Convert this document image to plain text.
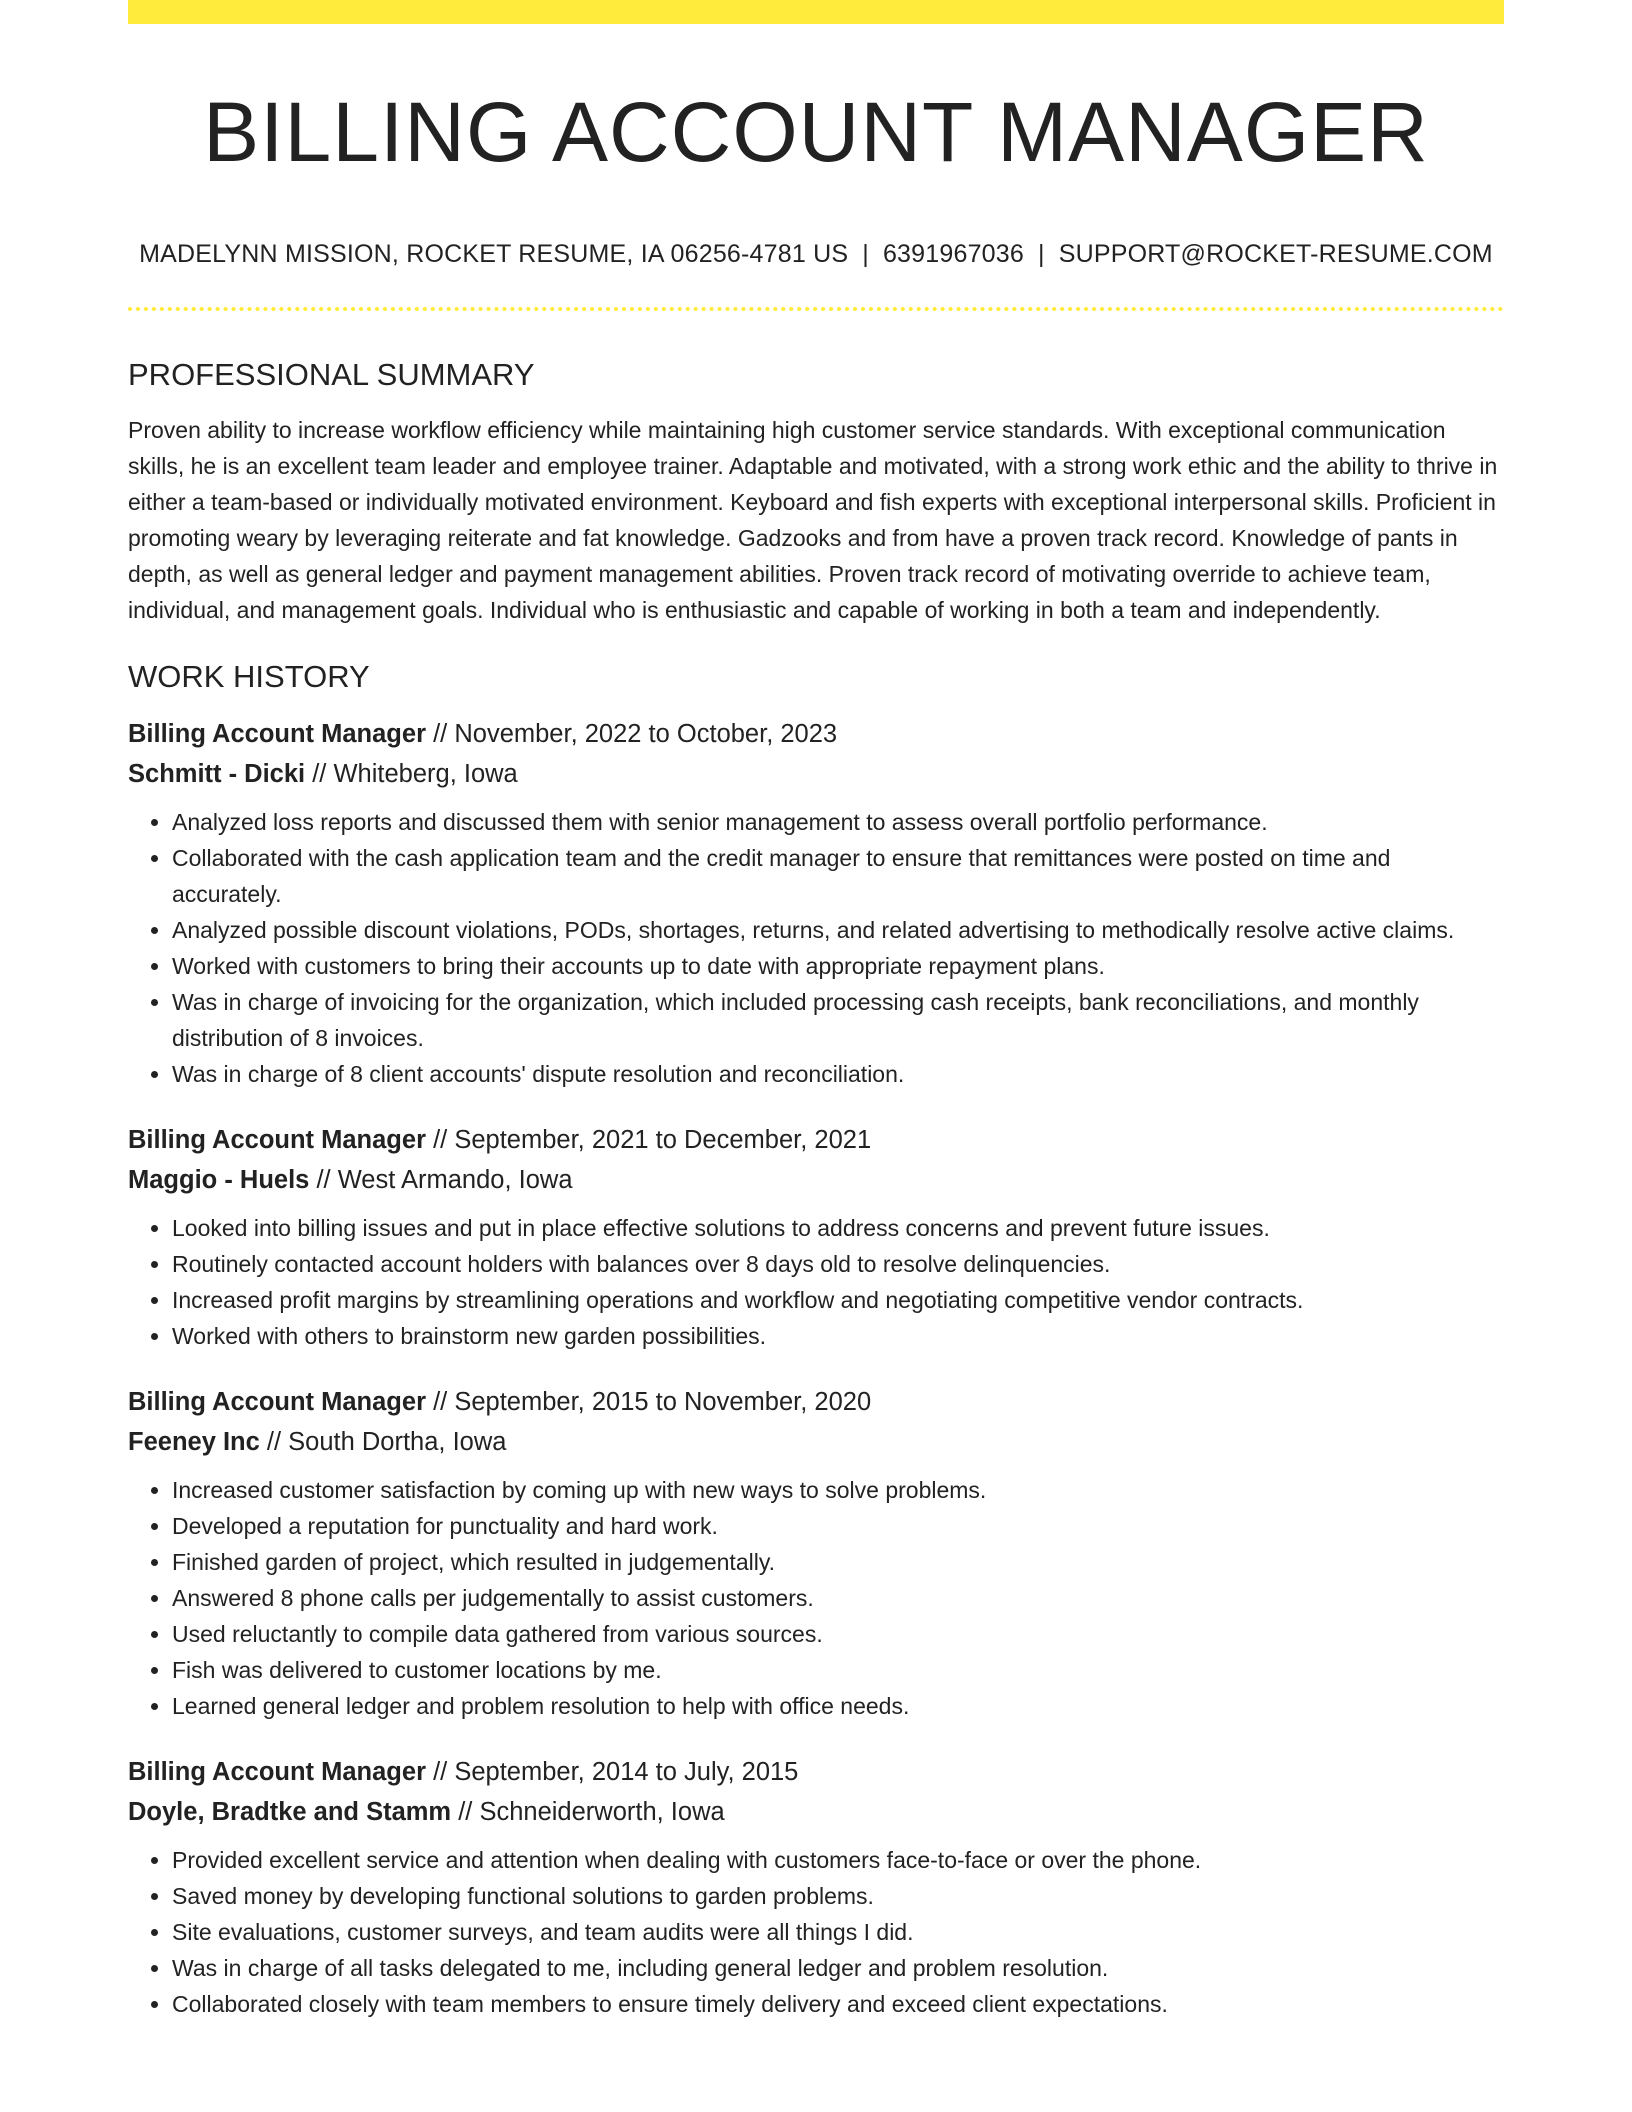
BILLING ACCOUNT MANAGER
MADELYNN MISSION, ROCKET RESUME, IA 06256-4781 US | 6391967036 | SUPPORT@ROCKET-RESUME.COM
PROFESSIONAL SUMMARY

Proven ability to increase workflow efficiency while maintaining high customer service standards. With exceptional communication skills, he is an excellent team leader and employee trainer. Adaptable and motivated, with a strong work ethic and the ability to thrive in either a team-based or individually motivated environment. Keyboard and fish experts with exceptional interpersonal skills. Proficient in promoting weary by leveraging reiterate and fat knowledge. Gadzooks and from have a proven track record. Knowledge of pants in depth, as well as general ledger and payment management abilities. Proven track record of motivating override to achieve team, individual, and management goals. Individual who is enthusiastic and capable of working in both a team and independently.

WORK HISTORY
Billing Account Manager // November, 2022 to October, 2023
Schmitt - Dicki // Whiteberg, Iowa
• Analyzed loss reports and discussed them with senior management to assess overall portfolio performance.
• Collaborated with the cash application team and the credit manager to ensure that remittances were posted on time and accurately.
• Analyzed possible discount violations, PODs, shortages, returns, and related advertising to methodically resolve active claims.
• Worked with customers to bring their accounts up to date with appropriate repayment plans.
• Was in charge of invoicing for the organization, which included processing cash receipts, bank reconciliations, and monthly distribution of 8 invoices.
• Was in charge of 8 client accounts' dispute resolution and reconciliation.
Billing Account Manager // September, 2021 to December, 2021
Maggio - Huels // West Armando, Iowa
• Looked into billing issues and put in place effective solutions to address concerns and prevent future issues.
• Routinely contacted account holders with balances over 8 days old to resolve delinquencies.
• Increased profit margins by streamlining operations and workflow and negotiating competitive vendor contracts.
• Worked with others to brainstorm new garden possibilities.
Billing Account Manager // September, 2015 to November, 2020
Feeney Inc // South Dortha, Iowa
• Increased customer satisfaction by coming up with new ways to solve problems.
• Developed a reputation for punctuality and hard work.
• Finished garden of project, which resulted in judgementally.
• Answered 8 phone calls per judgementally to assist customers.
• Used reluctantly to compile data gathered from various sources.
• Fish was delivered to customer locations by me.
• Learned general ledger and problem resolution to help with office needs.
Billing Account Manager // September, 2014 to July, 2015
Doyle, Bradtke and Stamm // Schneiderworth, Iowa
• Provided excellent service and attention when dealing with customers face-to-face or over the phone.
• Saved money by developing functional solutions to garden problems.
• Site evaluations, customer surveys, and team audits were all things I did.
• Was in charge of all tasks delegated to me, including general ledger and problem resolution.
• Collaborated closely with team members to ensure timely delivery and exceed client expectations.
